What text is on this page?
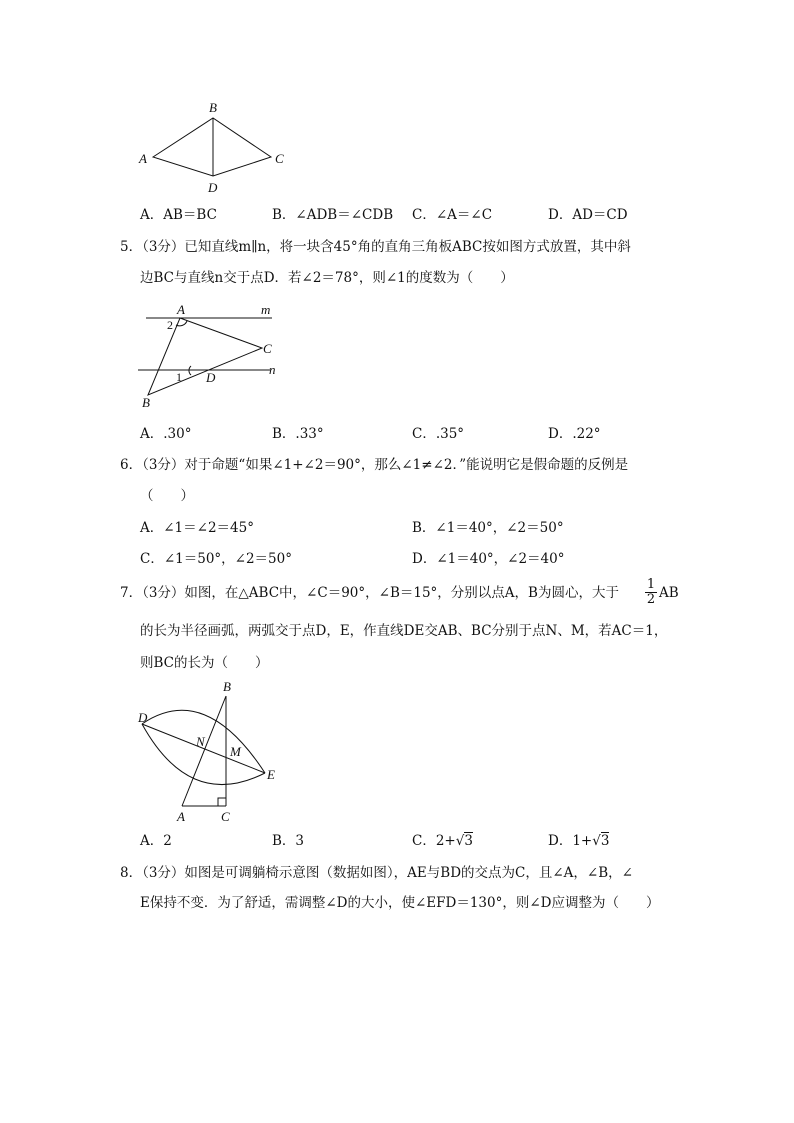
B
A	C
D
A．AB＝BC	B．∠ADB＝∠CDB C．∠A＝∠C	D．AD＝CD
5．（3分）已知直线m∥n，将一块含45°角的直角三角板ABC按如图方式放置，其中斜
边BC与直线n交于点D．若∠2＝78°，则∠1的度数为（　　）
A	m
2
C
n
1 D
B
A．.30°	B．.33°	C．.35°	D．.22°
6．（3分）对于命题“如果∠1+∠2＝90°，那么∠1≠∠2．”能说明它是假命题的反例是
（　　）
A．∠1＝∠2＝45°	B．∠1＝40°，∠2＝50°
C．∠1＝50°，∠2＝50°	D．∠1＝40°，∠2＝40°
7．（3分）如图，在△ABC中，∠C＝90°，∠B＝15°，分别以点A，B为圆心，大于 $\frac{1}{2}$ AB
的长为半径画弧，两弧交于点D，E，作直线DE交AB、BC分别于点N、M，若AC＝1，
则BC的长为（　　）
B
D
N
M
E
A	C
A．2	B．3	C．2+√3	D．1+√3
8．（3分）如图是可调躺椅示意图（数据如图），AE与BD的交点为C，且∠A，∠B，∠
E保持不变．为了舒适，需调整∠D的大小，使∠EFD＝130°，则∠D应调整为（　　）
